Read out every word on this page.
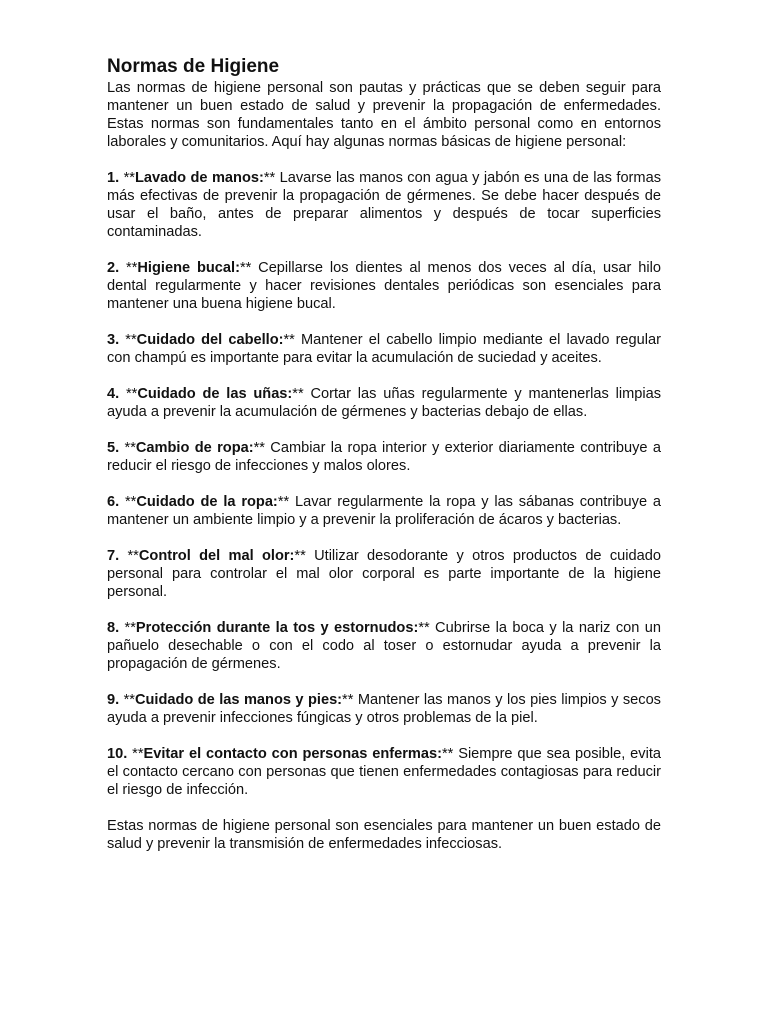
Normas de Higiene

Las normas de higiene personal son pautas y prácticas que se deben seguir para mantener un buen estado de salud y prevenir la propagación de enfermedades. Estas normas son fundamentales tanto en el ámbito personal como en entornos laborales y comunitarios. Aquí hay algunas normas básicas de higiene personal:

1. **Lavado de manos:** Lavarse las manos con agua y jabón es una de las formas más efectivas de prevenir la propagación de gérmenes. Se debe hacer después de usar el baño, antes de preparar alimentos y después de tocar superficies contaminadas.

2. **Higiene bucal:** Cepillarse los dientes al menos dos veces al día, usar hilo dental regularmente y hacer revisiones dentales periódicas son esenciales para mantener una buena higiene bucal.

3. **Cuidado del cabello:** Mantener el cabello limpio mediante el lavado regular con champú es importante para evitar la acumulación de suciedad y aceites.

4. **Cuidado de las uñas:** Cortar las uñas regularmente y mantenerlas limpias ayuda a prevenir la acumulación de gérmenes y bacterias debajo de ellas.

5. **Cambio de ropa:** Cambiar la ropa interior y exterior diariamente contribuye a reducir el riesgo de infecciones y malos olores.

6. **Cuidado de la ropa:** Lavar regularmente la ropa y las sábanas contribuye a mantener un ambiente limpio y a prevenir la proliferación de ácaros y bacterias.

7. **Control del mal olor:** Utilizar desodorante y otros productos de cuidado personal para controlar el mal olor corporal es parte importante de la higiene personal.

8. **Protección durante la tos y estornudos:** Cubrirse la boca y la nariz con un pañuelo desechable o con el codo al toser o estornudar ayuda a prevenir la propagación de gérmenes.

9. **Cuidado de las manos y pies:** Mantener las manos y los pies limpios y secos ayuda a prevenir infecciones fúngicas y otros problemas de la piel.

10. **Evitar el contacto con personas enfermas:** Siempre que sea posible, evita el contacto cercano con personas que tienen enfermedades contagiosas para reducir el riesgo de infección.

Estas normas de higiene personal son esenciales para mantener un buen estado de salud y prevenir la transmisión de enfermedades infecciosas.
